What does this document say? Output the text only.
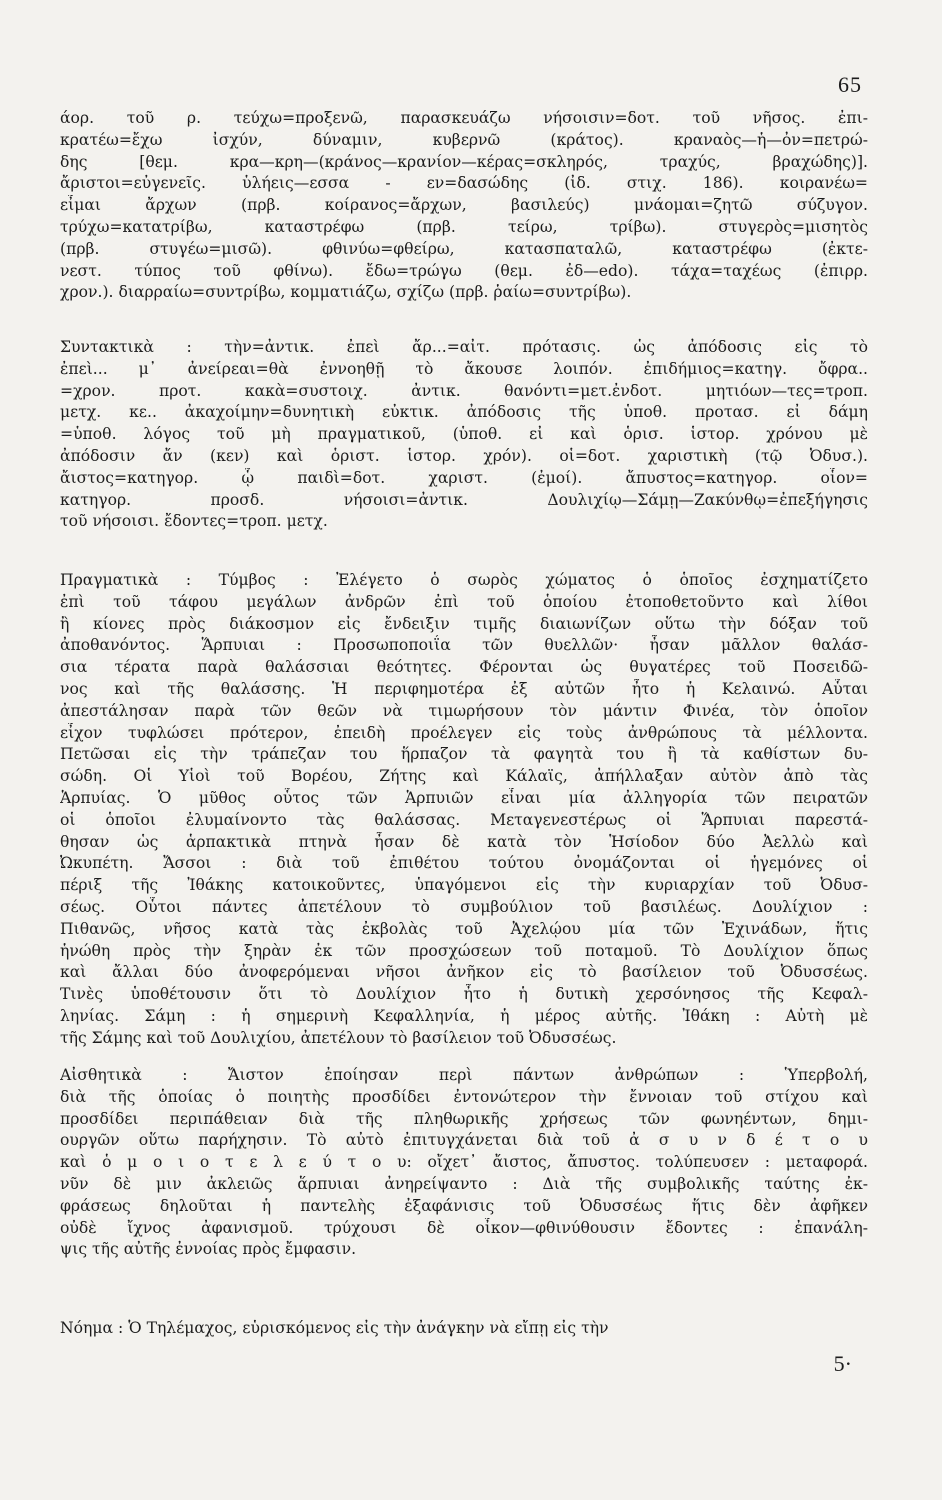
65
άορ. τοῦ ρ. τεύχω=προξενῶ, παρασκευάζω νήσοισιν=δοτ. τοῦ νῆσος. ἐπι-
κρατέω=ἔχω ἰσχύν, δύναμιν, κυβερνῶ (κράτος). κραναὸς—ἡ—ὀν=πετρώ-
δης [θεμ. κρα—κρη—(κράνος—κρανίον—κέρας=σκληρός, τραχύς, βραχώδης)].
ἄριστοι=εὐγενεῖς. ὑλήεις—εσσα - εν=δασώδης (ἰδ. στιχ. 186). κοιρανέω=
εἶμαι ἄρχων (πρβ. κοίρανος=ἄρχων, βασιλεύς) μνάομαι=ζητῶ σύζυγον.
τρύχω=κατατρίβω, καταστρέφω (πρβ. τείρω, τρίβω). στυγερὸς=μισητὸς
(πρβ. στυγέω=μισῶ). φθινύω=φθείρω, κατασπαταλῶ, καταστρέφω (ἐκτε-
νεστ. τύπος τοῦ φθίνω). ἔδω=τρώγω (θεμ. ἐδ—edo). τάχα=ταχέως (ἐπιρρ.
χρον.). διαρραίω=συντρίβω, κομματιάζω, σχίζω (πρβ. ῥαίω=συντρίβω).
Συντακτικὰ : τὴν=ἀντικ. ἐπεὶ ἄρ...=αἰτ. πρότασις. ὡς ἀπόδοσις εἰς τὸ
ἐπεὶ... μ᾽ ἀνείρεαι=θὰ ἐννοηθῇ τὸ ἄκουσε λοιπόν. ἐπιδήμιος=κατηγ. ὄφρα..
=χρον. προτ. κακὰ=συστοιχ. ἀντικ. θανόντι=μετ.ἐνδοτ. μητιόων—τες=τροπ.
μετχ. κε.. ἀκαχοίμην=δυνητικὴ εὐκτικ. ἀπόδοσις τῆς ὑποθ. προτασ. εἰ δάμη
=ὑποθ. λόγος τοῦ μὴ πραγματικοῦ, (ὑποθ. εἰ καὶ ὁρισ. ἱστορ. χρόνου μὲ
ἀπόδοσιν ἄν (κεν) καὶ ὁριστ. ἱστορ. χρόν). οἱ=δοτ. χαριστικὴ (τῷ Ὀδυσ.).
ἄιστος=κατηγορ. ᾧ παιδὶ=δοτ. χαριστ. (ἐμοί). ἄπυστος=κατηγορ. οἷον=
κατηγορ. προσδ. νήσοισι=ἀντικ. Δουλιχίῳ—Σάμῃ—Ζακύνθῳ=ἐπεξήγησις
τοῦ νήσοισι. ἔδοντες=τροπ. μετχ.
Πραγματικὰ : Τύμβος : Ἐλέγετο ὁ σωρὸς χώματος ὁ ὁποῖος ἐσχηματίζετο
ἐπὶ τοῦ τάφου μεγάλων ἀνδρῶν ἐπὶ τοῦ ὁποίου ἐτοποθετοῦντο καὶ λίθοι
ἢ κίονες πρὸς διάκοσμον εἰς ἔνδειξιν τιμῆς διαιωνίζων οὕτω τὴν δόξαν τοῦ
ἀποθανόντος. Ἅρπυιαι : Προσωποποιΐα τῶν θυελλῶν· ἦσαν μᾶλλον θαλάσ-
σια τέρατα παρὰ θαλάσσιαι θεότητες. Φέρονται ὡς θυγατέρες τοῦ Ποσειδῶ-
νος καὶ τῆς θαλάσσης. Ἡ περιφημοτέρα ἐξ αὐτῶν ἦτο ἡ Κελαινώ. Αὗται
ἀπεστάλησαν παρὰ τῶν θεῶν νὰ τιμωρήσουν τὸν μάντιν Φινέα, τὸν ὁποῖον
εἶχον τυφλώσει πρότερον, ἐπειδὴ προέλεγεν εἰς τοὺς ἀνθρώπους τὰ μέλλοντα.
Πετῶσαι εἰς τὴν τράπεζαν του ἥρπαζον τὰ φαγητὰ του ἢ τὰ καθίστων δυ-
σώδη. Οἱ Υἱοὶ τοῦ Βορέου, Ζήτης καὶ Κάλαϊς, ἀπήλλαξαν αὐτὸν ἀπὸ τὰς
Ἁρπυίας. Ὁ μῦθος οὗτος τῶν Ἁρπυιῶν εἶναι μία ἀλληγορία τῶν πειρατῶν
οἱ ὁποῖοι ἐλυμαίνοντο τὰς θαλάσσας. Μεταγενεστέρως οἱ Ἅρπυιαι παρεστά-
θησαν ὡς ἁρπακτικὰ πτηνὰ ἦσαν δὲ κατὰ τὸν Ἡσίοδον δύο Ἀελλὼ καὶ
Ὠκυπέτη. Ἄσσοι : διὰ τοῦ ἐπιθέτου τούτου ὀνομάζονται οἱ ἡγεμόνες οἱ
πέριξ τῆς Ἰθάκης κατοικοῦντες, ὑπαγόμενοι εἰς τὴν κυριαρχίαν τοῦ Ὀδυσ-
σέως. Οὗτοι πάντες ἀπετέλουν τὸ συμβούλιον τοῦ βασιλέως. Δουλίχιον :
Πιθανῶς, νῆσος κατὰ τὰς ἐκβολὰς τοῦ Ἀχελῴου μία τῶν Ἐχινάδων, ἥτις
ἡνώθη πρὸς τὴν ξηρὰν ἐκ τῶν προσχώσεων τοῦ ποταμοῦ. Τὸ Δουλίχιον ὅπως
καὶ ἄλλαι δύο ἀνοφερόμεναι νῆσοι ἀνῆκον εἰς τὸ βασίλειον τοῦ Ὀδυσσέως.
Τινὲς ὑποθέτουσιν ὅτι τὸ Δουλίχιον ἦτο ἡ δυτικὴ χερσόνησος τῆς Κεφαλ-
ληνίας. Σάμη : ἡ σημερινὴ Κεφαλληνία, ἡ μέρος αὐτῆς. Ἰθάκη : Αὐτὴ μὲ
τῆς Σάμης καὶ τοῦ Δουλιχίου, ἀπετέλουν τὸ βασίλειον τοῦ Ὀδυσσέως.
Αἰσθητικὰ : Ἄιστον ἐποίησαν περὶ πάντων ἀνθρώπων : Ὑπερβολή,
διὰ τῆς ὁποίας ὁ ποιητὴς προσδίδει ἐντονώτερον τὴν ἔννοιαν τοῦ στίχου καὶ
προσδίδει περιπάθειαν διὰ τῆς πληθωρικῆς χρήσεως τῶν φωνηέντων, δημι-
ουργῶν οὕτω παρήχησιν. Τὸ αὐτὸ ἐπιτυγχάνεται διὰ τοῦ ἀ σ υ ν δ έ τ ο υ
καὶ ὁ μ ο ι ο τ ε λ ε ύ τ ο υ: οἴχετ᾽ ἄιστος, ἄπυστος. τολύπευσεν : μεταφορά.
νῦν δὲ μιν ἀκλειῶς ἅρπυιαι ἀνηρείψαντο : Διὰ τῆς συμβολικῆς ταύτης ἐκ-
φράσεως δηλοῦται ἡ παντελὴς ἐξαφάνισις τοῦ Ὀδυσσέως ἥτις δὲν ἀφῆκεν
οὐδὲ ἴχνος ἀφανισμοῦ. τρύχουσι δὲ οἶκον—φθινύθουσιν ἔδοντες : ἐπανάλη-
ψις τῆς αὐτῆς ἐννοίας πρὸς ἔμφασιν.
Νόημα : Ὁ Τηλέμαχος, εὑρισκόμενος εἰς τὴν ἀνάγκην νὰ εἴπῃ εἰς τὴν
5·
